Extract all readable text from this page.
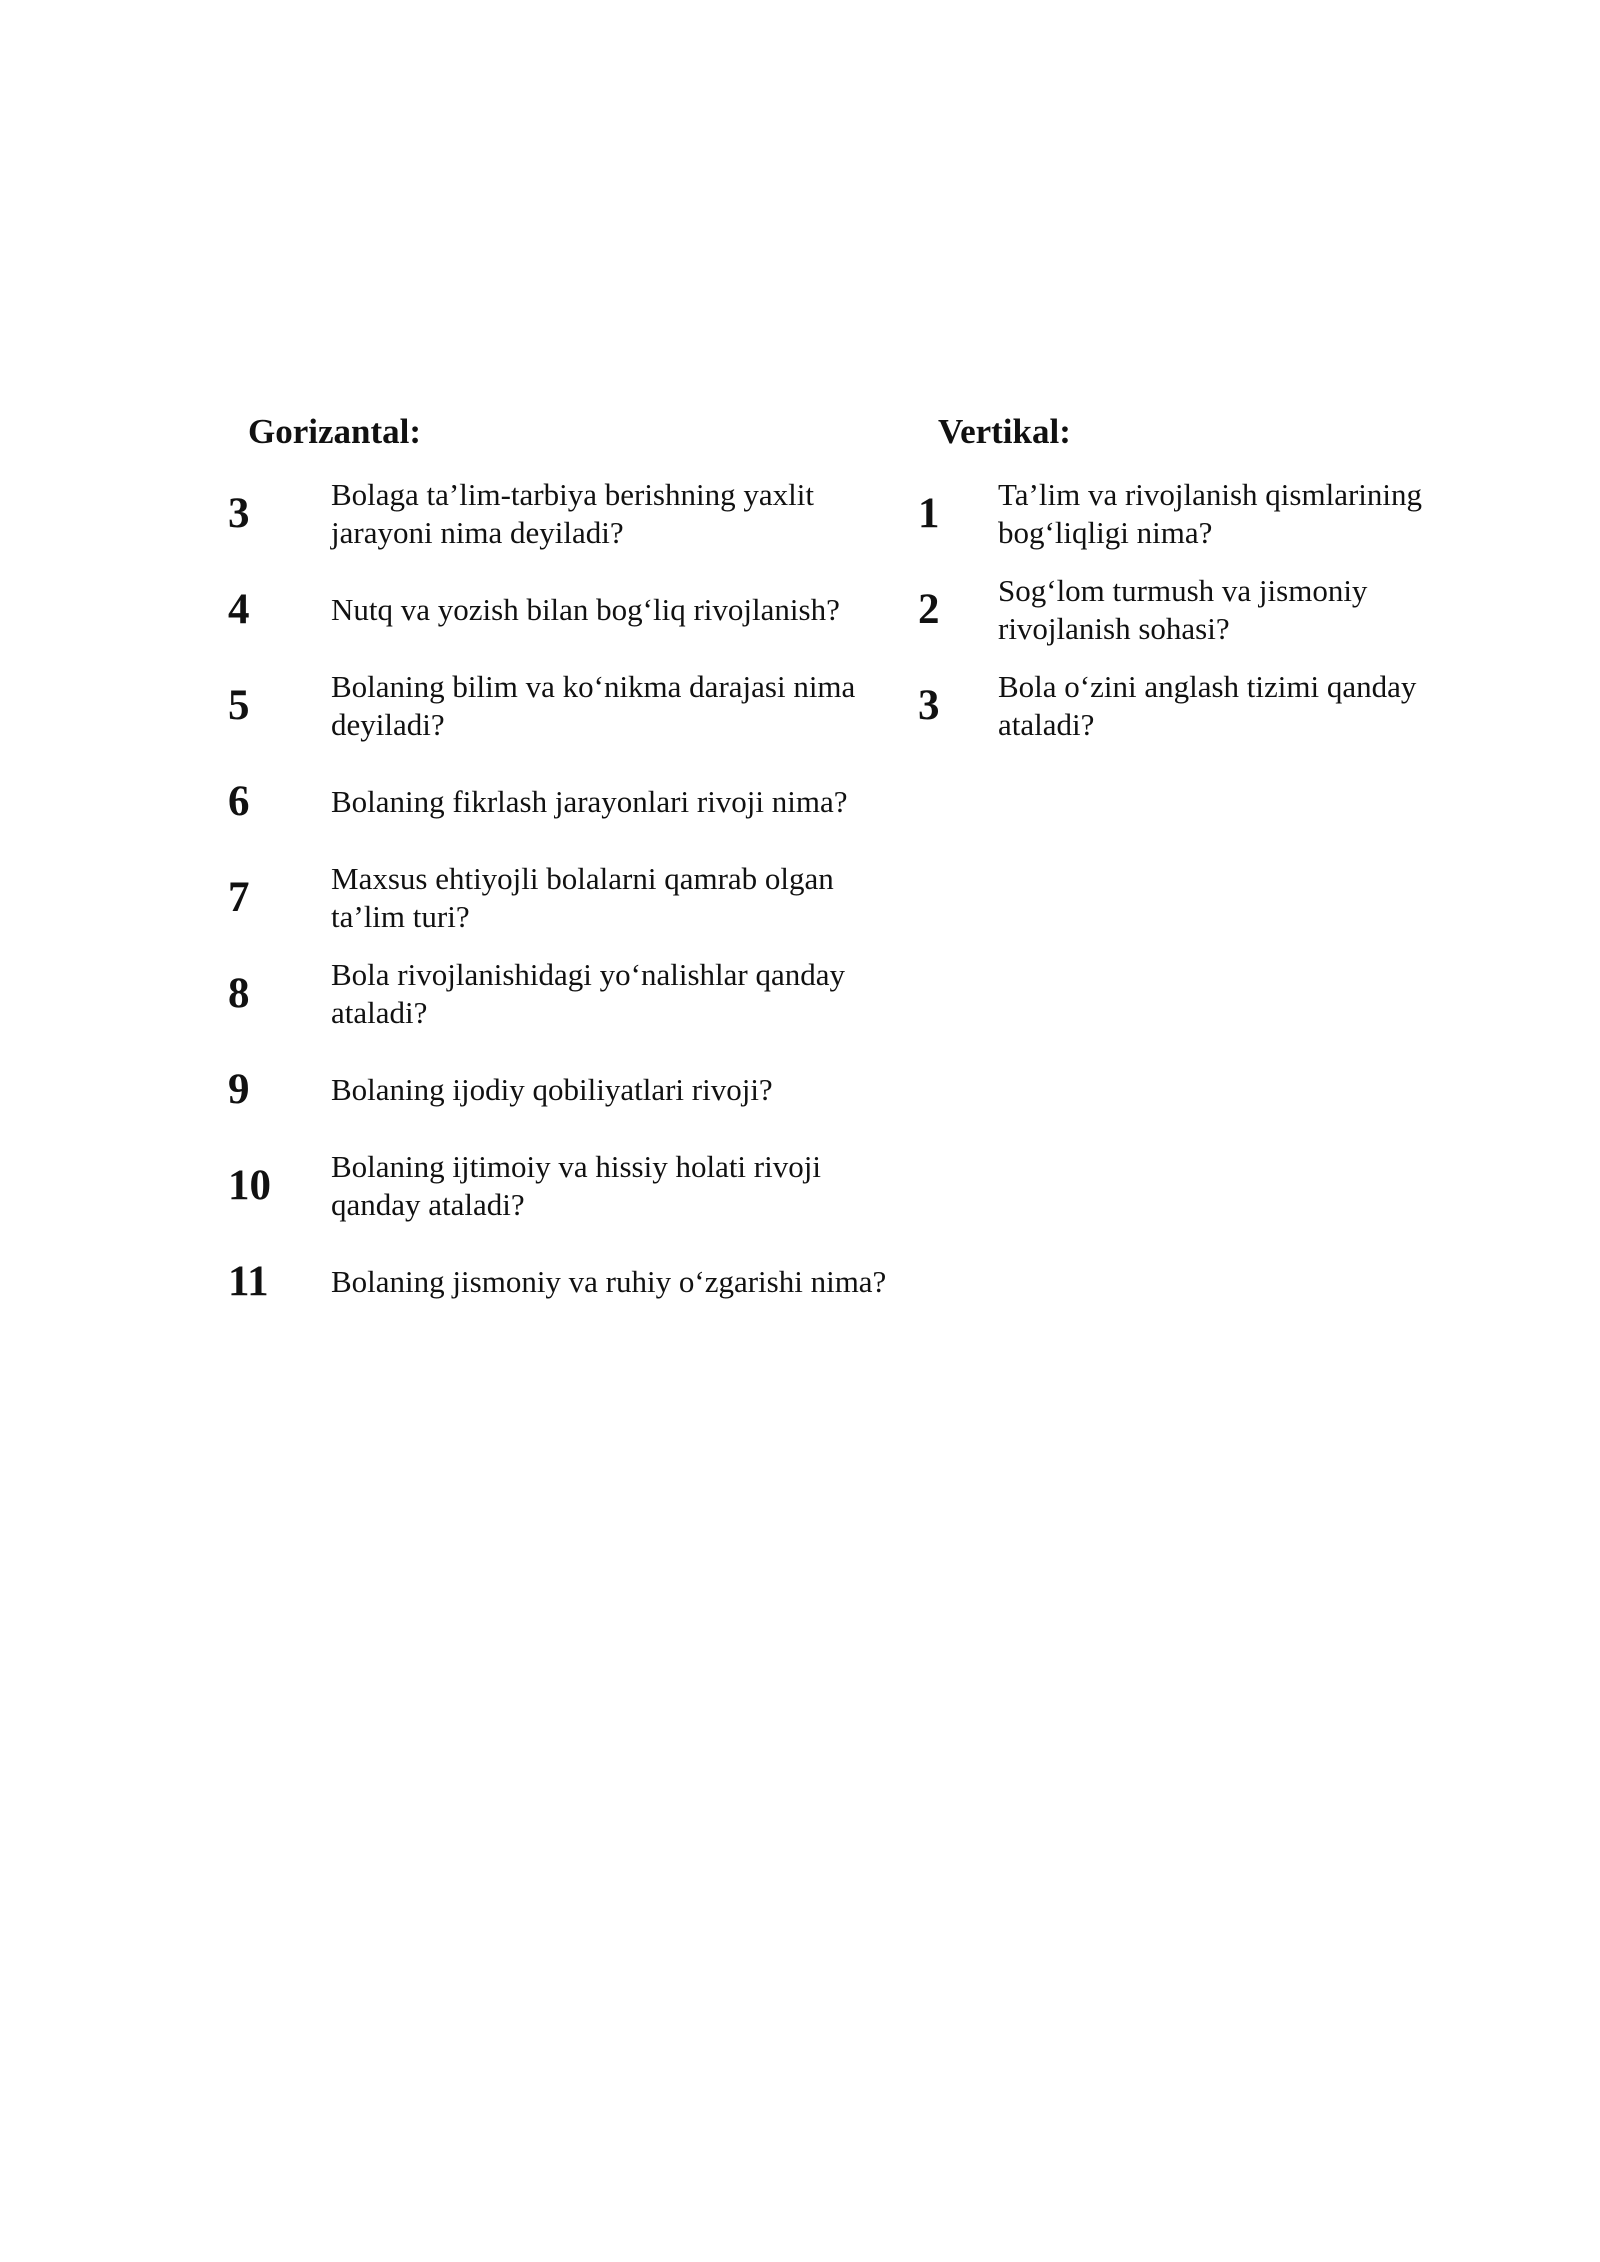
Gorizantal:
3	Bolaga ta’lim-tarbiya berishning yaxlit jarayoni nima deyiladi?
4	Nutq va yozish bilan bog‘liq rivojlanish?
5	Bolaning bilim va ko‘nikma darajasi nima deyiladi?
6	Bolaning fikrlash jarayonlari rivoji nima?
7	Maxsus ehtiyojli bolalarni qamrab olgan ta’lim turi?
8	Bola rivojlanishidagi yo‘nalishlar qanday ataladi?
9	Bolaning ijodiy qobiliyatlari rivoji?
10	Bolaning ijtimoiy va hissiy holati rivoji qanday ataladi?
11	Bolaning jismoniy va ruhiy o‘zgarishi nima?
Vertikal:
1	Ta’lim va rivojlanish qismlarining bog‘liqligi nima?
2	Sog‘lom turmush va jismoniy rivojlanish sohasi?
3	Bola o‘zini anglash tizimi qanday ataladi?
